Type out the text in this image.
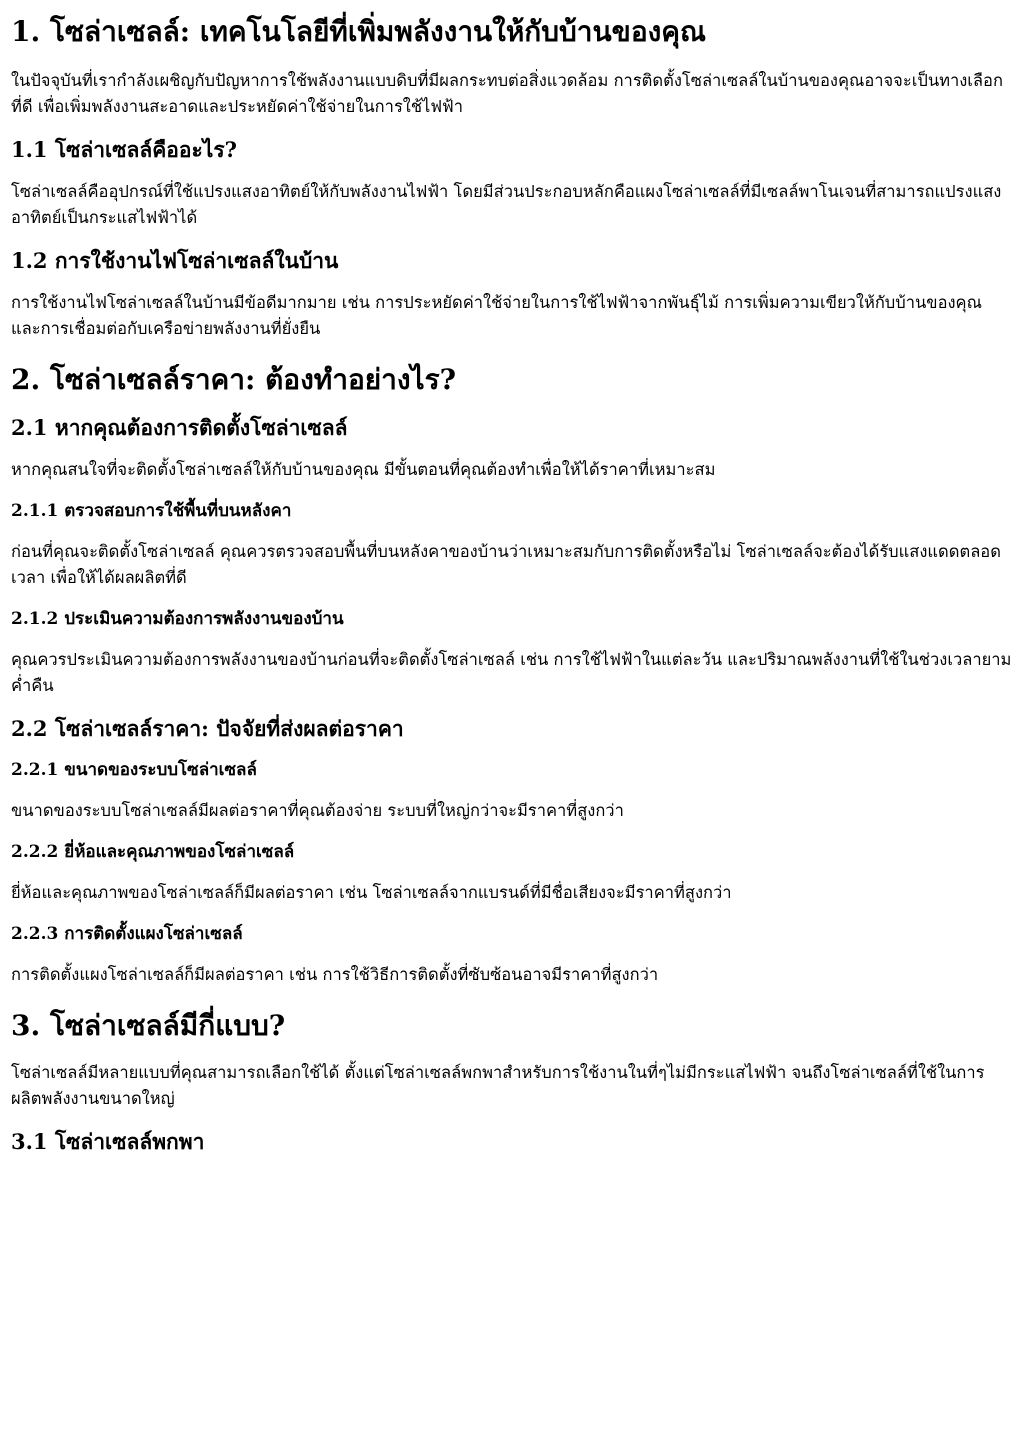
1. โซล่าเซลล์: เทคโนโลยีที่เพิ่มพลังงานให้กับบ้านของคุณ

ในปัจจุบันที่เรากำลังเผชิญกับปัญหาการใช้พลังงานแบบดิบที่มีผลกระทบต่อสิ่งแวดล้อม การติดตั้งโซล่าเซลล์ในบ้านของคุณอาจจะเป็นทางเลือกที่ดี เพื่อเพิ่มพลังงานสะอาดและประหยัดค่าใช้จ่ายในการใช้ไฟฟ้า

1.1 โซล่าเซลล์คืออะไร?

โซล่าเซลล์คืออุปกรณ์ที่ใช้แปรงแสงอาทิตย์ให้กับพลังงานไฟฟ้า โดยมีส่วนประกอบหลักคือแผงโซล่าเซลล์ที่มีเซลล์พาโนเจนที่สามารถแปรงแสงอาทิตย์เป็นกระแสไฟฟ้าได้

1.2 การใช้งานไฟโซล่าเซลล์ในบ้าน

การใช้งานไฟโซล่าเซลล์ในบ้านมีข้อดีมากมาย เช่น การประหยัดค่าใช้จ่ายในการใช้ไฟฟ้าจากพันธุ์ไม้ การเพิ่มความเขียวให้กับบ้านของคุณ และการเชื่อมต่อกับเครือข่ายพลังงานที่ยั่งยืน

2. โซล่าเซลล์ราคา: ต้องทำอย่างไร?
2.1 หากคุณต้องการติดตั้งโซล่าเซลล์

หากคุณสนใจที่จะติดตั้งโซล่าเซลล์ให้กับบ้านของคุณ มีขั้นตอนที่คุณต้องทำเพื่อให้ได้ราคาที่เหมาะสม

2.1.1 ตรวจสอบการใช้พื้นที่บนหลังคา

ก่อนที่คุณจะติดตั้งโซล่าเซลล์ คุณควรตรวจสอบพื้นที่บนหลังคาของบ้านว่าเหมาะสมกับการติดตั้งหรือไม่ โซล่าเซลล์จะต้องได้รับแสงแดดตลอดเวลา เพื่อให้ได้ผลผลิตที่ดี

2.1.2 ประเมินความต้องการพลังงานของบ้าน

คุณควรประเมินความต้องการพลังงานของบ้านก่อนที่จะติดตั้งโซล่าเซลล์ เช่น การใช้ไฟฟ้าในแต่ละวัน และปริมาณพลังงานที่ใช้ในช่วงเวลายามค่ำคืน

2.2 โซล่าเซลล์ราคา: ปัจจัยที่ส่งผลต่อราคา
2.2.1 ขนาดของระบบโซล่าเซลล์

ขนาดของระบบโซล่าเซลล์มีผลต่อราคาที่คุณต้องจ่าย ระบบที่ใหญ่กว่าจะมีราคาที่สูงกว่า

2.2.2 ยี่ห้อและคุณภาพของโซล่าเซลล์

ยี่ห้อและคุณภาพของโซล่าเซลล์ก็มีผลต่อราคา เช่น โซล่าเซลล์จากแบรนด์ที่มีชื่อเสียงจะมีราคาที่สูงกว่า

2.2.3 การติดตั้งแผงโซล่าเซลล์

การติดตั้งแผงโซล่าเซลล์ก็มีผลต่อราคา เช่น การใช้วิธีการติดตั้งที่ซับซ้อนอาจมีราคาที่สูงกว่า

3. โซล่าเซลล์มีกี่แบบ?

โซล่าเซลล์มีหลายแบบที่คุณสามารถเลือกใช้ได้ ตั้งแต่โซล่าเซลล์พกพาสำหรับการใช้งานในที่ๆไม่มีกระแสไฟฟ้า จนถึงโซล่าเซลล์ที่ใช้ในการผลิตพลังงานขนาดใหญ่

3.1 โซล่าเซลล์พกพา
